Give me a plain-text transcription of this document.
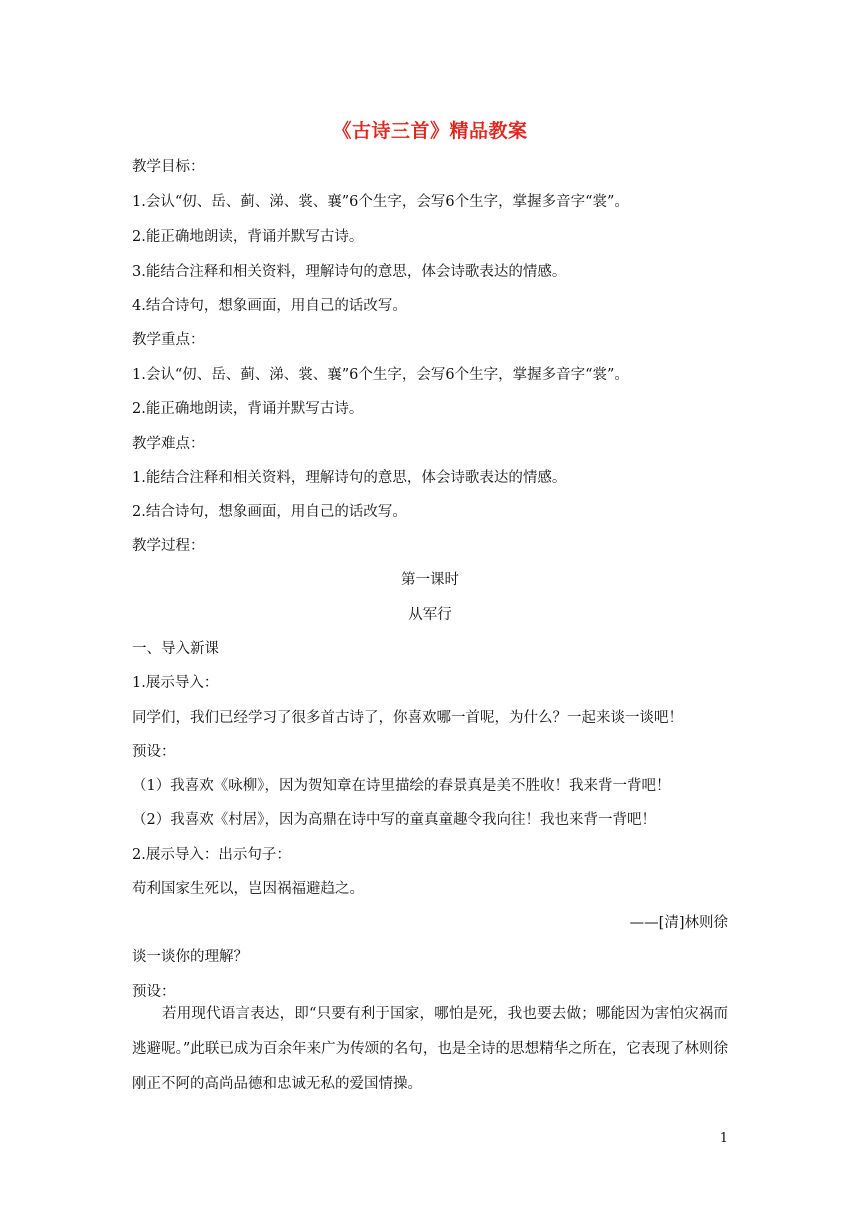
《古诗三首》精品教案
教学目标：
1.会认“仞、岳、蓟、涕、裳、襄”6个生字，会写6个生字，掌握多音字“裳”。
2.能正确地朗读，背诵并默写古诗。
3.能结合注释和相关资料，理解诗句的意思，体会诗歌表达的情感。
4.结合诗句，想象画面，用自己的话改写。
教学重点：
1.会认“仞、岳、蓟、涕、裳、襄”6个生字，会写6个生字，掌握多音字“裳”。
2.能正确地朗读，背诵并默写古诗。
教学难点：
1.能结合注释和相关资料，理解诗句的意思，体会诗歌表达的情感。
2.结合诗句，想象画面，用自己的话改写。
教学过程：
第一课时
从军行
一、导入新课
1.展示导入：
同学们，我们已经学习了很多首古诗了，你喜欢哪一首呢，为什么？一起来谈一谈吧！
预设：
（1）我喜欢《咏柳》，因为贺知章在诗里描绘的春景真是美不胜收！我来背一背吧！
（2）我喜欢《村居》，因为高鼎在诗中写的童真童趣令我向往！我也来背一背吧！
2.展示导入：出示句子：
苟利国家生死以，岂因祸福避趋之。
——[清]林则徐
谈一谈你的理解？
预设：
若用现代语言表达，即“只要有利于国家，哪怕是死，我也要去做；哪能因为害怕灾祸而逃避呢。”此联已成为百余年来广为传颂的名句，也是全诗的思想精华之所在，它表现了林则徐刚正不阿的高尚品德和忠诚无私的爱国情操。
1
